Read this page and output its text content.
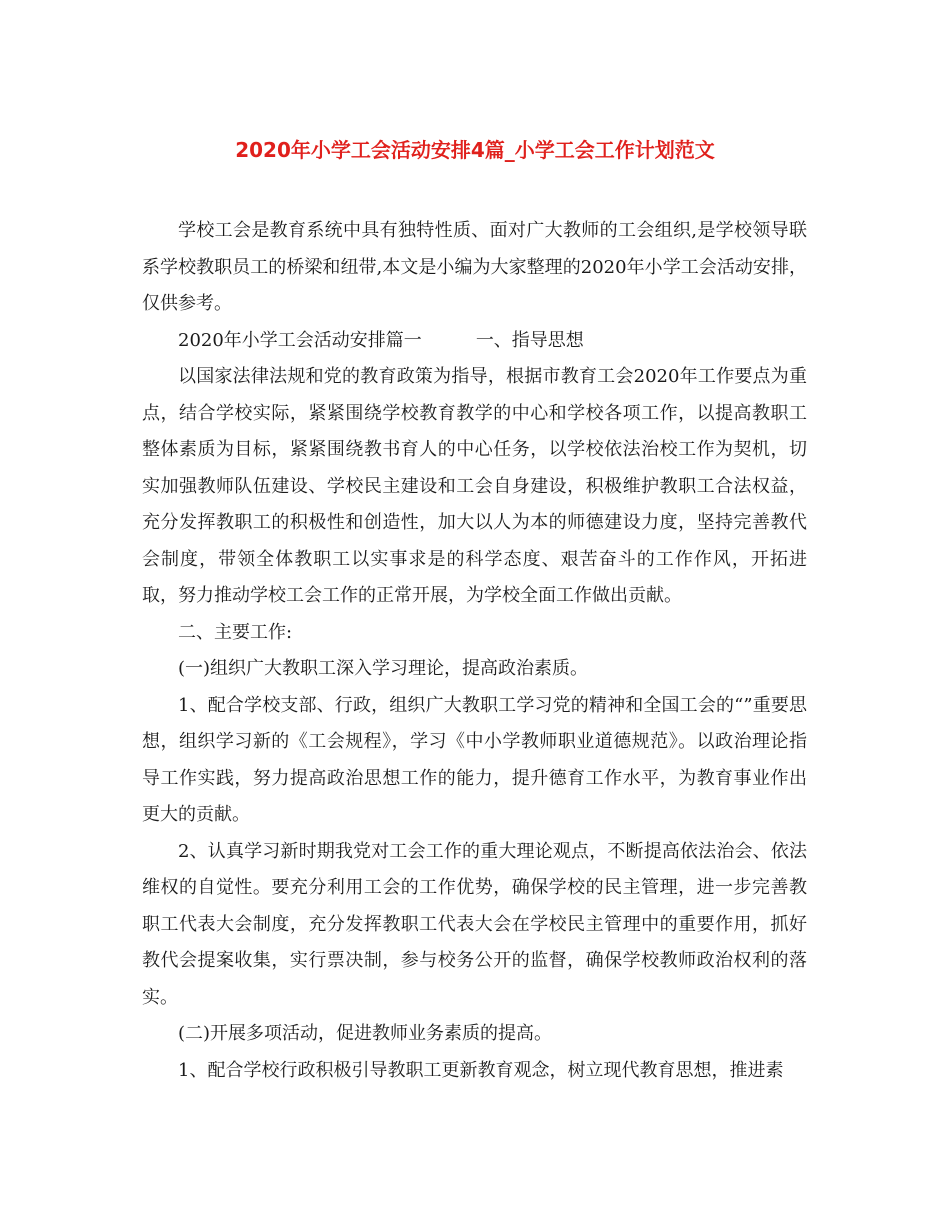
2020年小学工会活动安排4篇_小学工会工作计划范文

学校工会是教育系统中具有独特性质、面对广大教师的工会组织,是学校领导联系学校教职员工的桥梁和纽带,本文是小编为大家整理的2020年小学工会活动安排，仅供参考。

2020年小学工会活动安排篇一	一、指导思想

以国家法律法规和党的教育政策为指导，根据市教育工会2020年工作要点为重点，结合学校实际，紧紧围绕学校教育教学的中心和学校各项工作，以提高教职工整体素质为目标，紧紧围绕教书育人的中心任务，以学校依法治校工作为契机，切实加强教师队伍建设、学校民主建设和工会自身建设，积极维护教职工合法权益，充分发挥教职工的积极性和创造性，加大以人为本的师德建设力度，坚持完善教代会制度，带领全体教职工以实事求是的科学态度、艰苦奋斗的工作作风，开拓进取，努力推动学校工会工作的正常开展，为学校全面工作做出贡献。

二、主要工作:

(一)组织广大教职工深入学习理论，提高政治素质。

1、配合学校支部、行政，组织广大教职工学习党的精神和全国工会的“”重要思想，组织学习新的《工会规程》，学习《中小学教师职业道德规范》。以政治理论指导工作实践，努力提高政治思想工作的能力，提升德育工作水平，为教育事业作出更大的贡献。

2、认真学习新时期我党对工会工作的重大理论观点，不断提高依法治会、依法维权的自觉性。要充分利用工会的工作优势，确保学校的民主管理，进一步完善教职工代表大会制度，充分发挥教职工代表大会在学校民主管理中的重要作用，抓好教代会提案收集，实行票决制，参与校务公开的监督，确保学校教师政治权利的落实。

(二)开展多项活动，促进教师业务素质的提高。

1、配合学校行政积极引导教职工更新教育观念，树立现代教育思想，推进素
